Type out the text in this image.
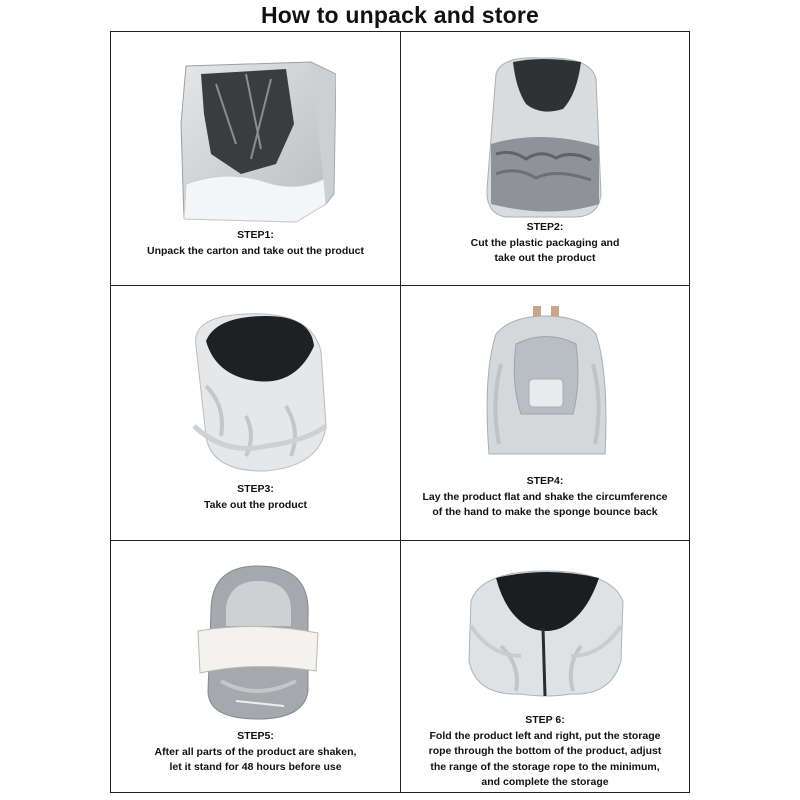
How to unpack and store
STEP1:
Unpack the carton and take out the product
STEP2:
Cut the plastic packaging and
take out the product
STEP3:
Take out the product
STEP4:
Lay the product flat and shake the circumference
of the hand to make the sponge bounce back
STEP5:
After all parts of the product are shaken,
let it stand for 48 hours before use
STEP 6:
Fold the product left and right, put the storage
rope through the bottom of the product, adjust
the range of the storage rope to the minimum,
and complete the storage
